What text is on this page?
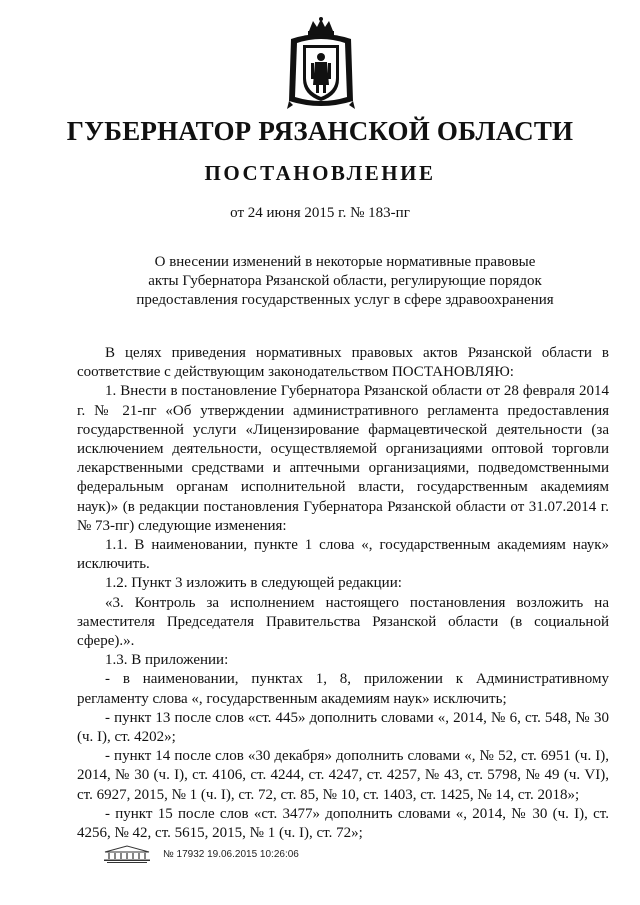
ГУБЕРНАТОР РЯЗАНСКОЙ ОБЛАСТИ
ПОСТАНОВЛЕНИЕ
от 24 июня 2015 г. № 183-пг
О внесении изменений в некоторые нормативные правовые
акты Губернатора Рязанской области, регулирующие порядок
предоставления государственных услуг в сфере здравоохранения

В целях приведения нормативных правовых актов Рязанской области в соответствие с действующим законодательством ПОСТАНОВЛЯЮ:

1. Внести в постановление Губернатора Рязанской области от 28 февраля 2014 г. № 21-пг «Об утверждении административного регламента предоставления государственной услуги «Лицензирование фармацевтической деятельности (за исключением деятельности, осуществляемой организациями оптовой торговли лекарственными средствами и аптечными организациями, подведомственными федеральным органам исполнительной власти, государственным академиям наук)» (в редакции постановления Губернатора Рязанской области от 31.07.2014 г. № 73-пг) следующие изменения:

1.1. В наименовании, пункте 1 слова «, государственным академиям наук» исключить.

1.2. Пункт 3 изложить в следующей редакции:

«3. Контроль за исполнением настоящего постановления возложить на заместителя Председателя Правительства Рязанской области (в социальной сфере).».

1.3. В приложении:

- в наименовании, пунктах 1, 8, приложении к Административному регламенту слова «, государственным академиям наук» исключить;

- пункт 13 после слов «ст. 445» дополнить словами «, 2014, № 6, ст. 548, № 30 (ч. I), ст. 4202»;

- пункт 14 после слов «30 декабря» дополнить словами «, № 52, ст. 6951 (ч. I), 2014, № 30 (ч. I), ст. 4106, ст. 4244, ст. 4247, ст. 4257, № 43, ст. 5798, № 49 (ч. VI), ст. 6927, 2015, № 1 (ч. I), ст. 72, ст. 85, № 10, ст. 1403, ст. 1425, № 14, ст. 2018»;

- пункт 15 после слов «ст. 3477» дополнить словами «, 2014, № 30 (ч. I), ст. 4256, № 42, ст. 5615, 2015, № 1 (ч. I), ст. 72»;

№ 17932 19.06.2015 10:26:06
